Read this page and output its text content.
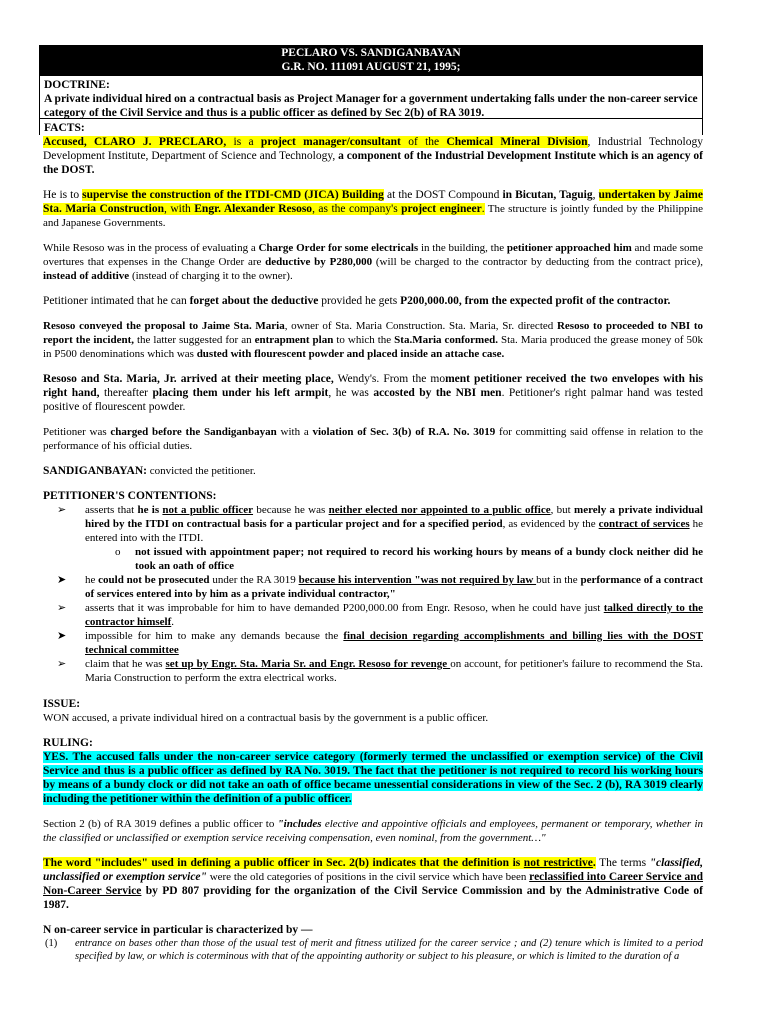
PECLARO VS. SANDIGANBAYAN
G.R. NO. 111091 AUGUST 21, 1995;
DOCTRINE:
A private individual hired on a contractual basis as Project Manager for a government undertaking falls under the non-career service category of the Civil Service and thus is a public officer as defined by Sec 2(b) of RA 3019.
FACTS:

Accused, CLARO J. PRECLARO, is a project manager/consultant of the Chemical Mineral Division, Industrial Technology Development Institute, Department of Science and Technology, a component of the Industrial Development Institute which is an agency of the DOST.

He is to supervise the construction of the ITDI-CMD (JICA) Building at the DOST Compound in Bicutan, Taguig, undertaken by Jaime Sta. Maria Construction, with Engr. Alexander Resoso, as the company's project engineer. The structure is jointly funded by the Philippine and Japanese Governments.

While Resoso was in the process of evaluating a Charge Order for some electricals in the building, the petitioner approached him and made some overtures that expenses in the Change Order are deductive by P280,000 (will be charged to the contractor by deducting from the contract price), instead of additive (instead of charging it to the owner).

Petitioner intimated that he can forget about the deductive provided he gets P200,000.00, from the expected profit of the contractor.

Resoso conveyed the proposal to Jaime Sta. Maria, owner of Sta. Maria Construction. Sta. Maria, Sr. directed Resoso to proceeded to NBI to report the incident, the latter suggested for an entrapment plan to which the Sta.Maria conformed. Sta. Maria produced the grease money of 50k in P500 denominations which was dusted with flourescent powder and placed inside an attache case.

Resoso and Sta. Maria, Jr. arrived at their meeting place, Wendy's. From the moment petitioner received the two envelopes with his right hand, thereafter placing them under his left armpit, he was accosted by the NBI men. Petitioner's right palmar hand was tested positive of flourescent powder.

Petitioner was charged before the Sandiganbayan with a violation of Sec. 3(b) of R.A. No. 3019 for committing said offense in relation to the performance of his official duties.

SANDIGANBAYAN: convicted the petitioner.

PETITIONER'S CONTENTIONS:
➢ asserts that he is not a public officer because he was neither elected nor appointed to a public office, but merely a private individual hired by the ITDI on contractual basis for a particular project and for a specified period, as evidenced by the contract of services he entered into with the ITDI.
o not issued with appointment paper; not required to record his working hours by means of a bundy clock neither did he took an oath of office
➤ he could not be prosecuted under the RA 3019 because his intervention "was not required by law but in the performance of a contract of services entered into by him as a private individual contractor,"
➢ asserts that it was improbable for him to have demanded P200,000.00 from Engr. Resoso, when he could have just talked directly to the contractor himself.
➤ impossible for him to make any demands because the final decision regarding accomplishments and billing lies with the DOST technical committee
➢ claim that he was set up by Engr. Sta. Maria Sr. and Engr. Resoso for revenge on account, for petitioner's failure to recommend the Sta. Maria Construction to perform the extra electrical works.
ISSUE:

WON accused, a private individual hired on a contractual basis by the government is a public officer.

RULING:

YES. The accused falls under the non-career service category (formerly termed the unclassified or exemption service) of the Civil Service and thus is a public officer as defined by RA No. 3019. The fact that the petitioner is not required to record his working hours by means of a bundy clock or did not take an oath of office became unessential considerations in view of the Sec. 2 (b), RA 3019 clearly including the petitioner within the definition of a public officer.

Section 2 (b) of RA 3019 defines a public officer to "includes elective and appointive officials and employees, permanent or temporary, whether in the classified or unclassified or exemption service receiving compensation, even nominal, from the government…"

The word "includes" used in defining a public officer in Sec. 2(b) indicates that the definition is not restrictive. The terms "classified, unclassified or exemption service" were the old categories of positions in the civil service which have been reclassified into Career Service and Non-Career Service by PD 807 providing for the organization of the Civil Service Commission and by the Administrative Code of 1987.

N on-career service in particular is characterized by —
(1) entrance on bases other than those of the usual test of merit and fitness utilized for the career service ; and (2) tenure which is limited to a period specified by law, or which is coterminous with that of the appointing authority or subject to his pleasure, or which is limited to the duration of a
